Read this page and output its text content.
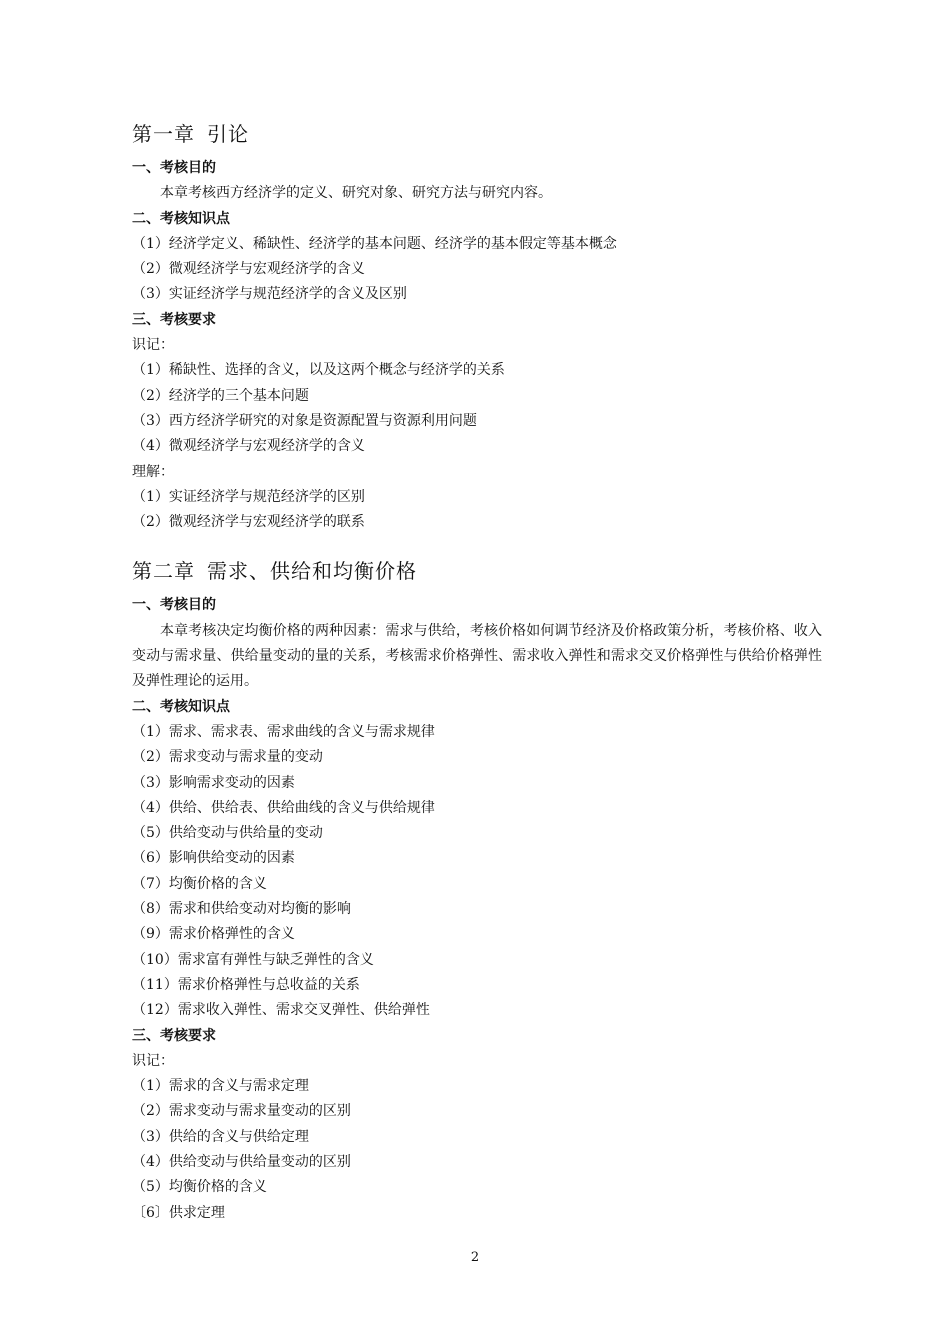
第一章 引论

一、考核目的

本章考核西方经济学的定义、研究对象、研究方法与研究内容。

二、考核知识点

（1）经济学定义、稀缺性、经济学的基本问题、经济学的基本假定等基本概念

（2）微观经济学与宏观经济学的含义

（3）实证经济学与规范经济学的含义及区别

三、考核要求

识记：

（1）稀缺性、选择的含义，以及这两个概念与经济学的关系

（2）经济学的三个基本问题

（3）西方经济学研究的对象是资源配置与资源利用问题

（4）微观经济学与宏观经济学的含义

理解：

（1）实证经济学与规范经济学的区别

（2）微观经济学与宏观经济学的联系

第二章 需求、供给和均衡价格

一、考核目的

本章考核决定均衡价格的两种因素：需求与供给，考核价格如何调节经济及价格政策分析，考核价格、收入变动与需求量、供给量变动的量的关系，考核需求价格弹性、需求收入弹性和需求交叉价格弹性与供给价格弹性及弹性理论的运用。

二、考核知识点

（1）需求、需求表、需求曲线的含义与需求规律

（2）需求变动与需求量的变动

（3）影响需求变动的因素

（4）供给、供给表、供给曲线的含义与供给规律

（5）供给变动与供给量的变动

（6）影响供给变动的因素

（7）均衡价格的含义

（8）需求和供给变动对均衡的影响

（9）需求价格弹性的含义

（10）需求富有弹性与缺乏弹性的含义

（11）需求价格弹性与总收益的关系

（12）需求收入弹性、需求交叉弹性、供给弹性

三、考核要求

识记：

（1）需求的含义与需求定理

（2）需求变动与需求量变动的区别

（3）供给的含义与供给定理

（4）供给变动与供给量变动的区别

（5）均衡价格的含义

〔6〕供求定理

2
